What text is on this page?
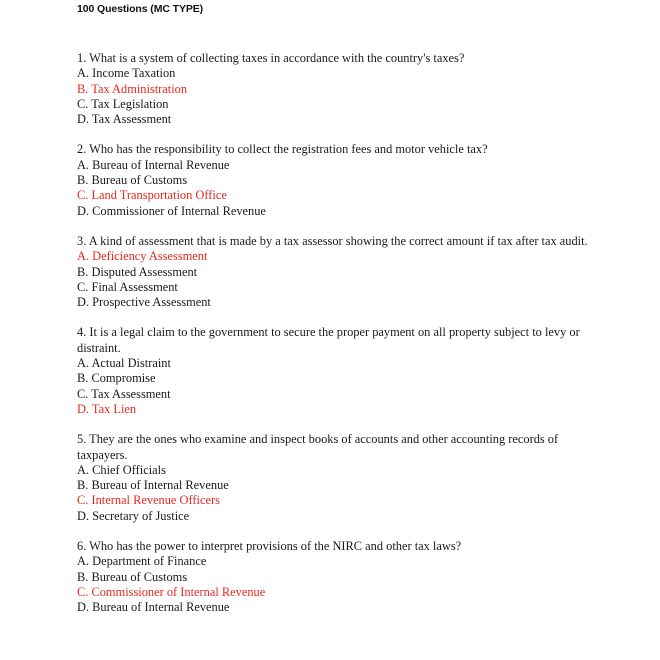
100 Questions (MC TYPE)
1. What is a system of collecting taxes in accordance with the country's taxes?
A. Income Taxation
B. Tax Administration
C. Tax Legislation
D. Tax Assessment
2. Who has the responsibility to collect the registration fees and motor vehicle tax?
A. Bureau of Internal Revenue
B. Bureau of Customs
C. Land Transportation Office
D. Commissioner of Internal Revenue
3. A kind of assessment that is made by a tax assessor showing the correct amount if tax after tax audit.
A. Deficiency Assessment
B. Disputed Assessment
C. Final Assessment
D. Prospective Assessment
4. It is a legal claim to the government to secure the proper payment on all property subject to levy or distraint.
A. Actual Distraint
B. Compromise
C. Tax Assessment
D. Tax Lien
5. They are the ones who examine and inspect books of accounts and other accounting records of taxpayers.
A. Chief Officials
B. Bureau of Internal Revenue
C. Internal Revenue Officers
D. Secretary of Justice
6. Who has the power to interpret provisions of the NIRC and other tax laws?
A. Department of Finance
B. Bureau of Customs
C. Commissioner of Internal Revenue
D. Bureau of Internal Revenue
